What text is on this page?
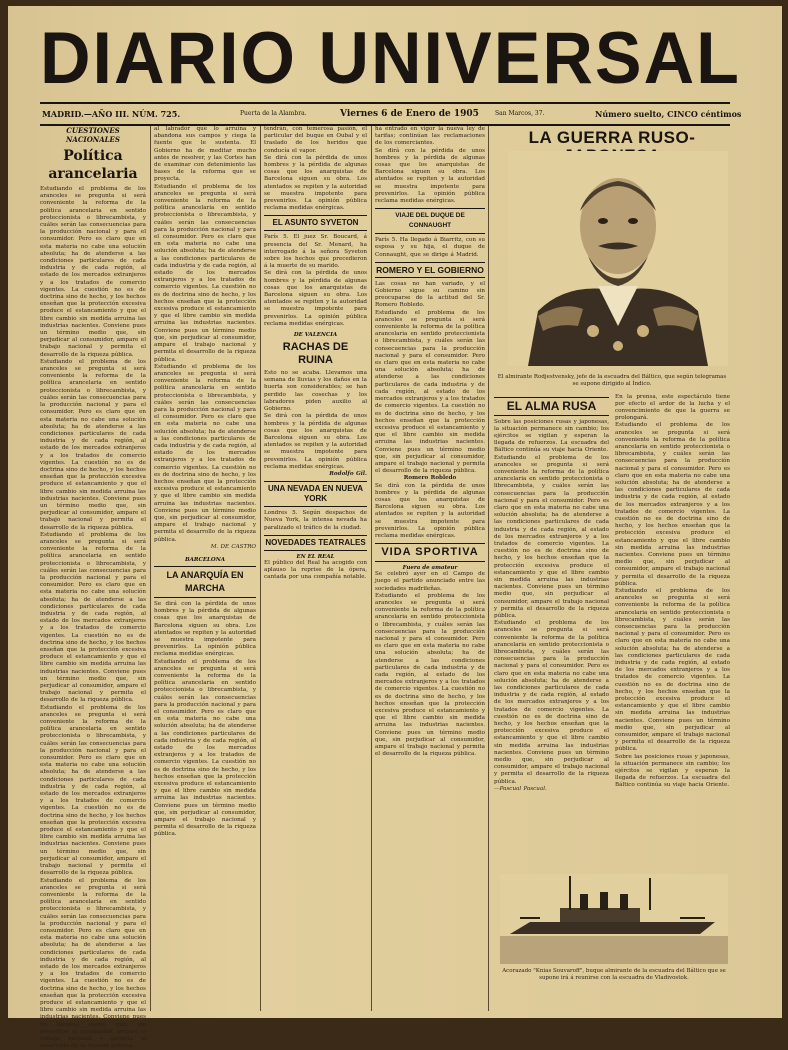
DIARIO UNIVERSAL
MADRID.—AÑO III. NÚM. 725.	Puerta de la Alambra.	Viernes 6 de Enero de 1905	San Marcos, 37.	Número suelto, CINCO céntimos

CUESTIONES NACIONALES

Política arancelaria

Estudiando el problema de los aranceles se pregunta si será conveniente la reforma de la política arancelaria en sentido proteccionista o librecambista, y cuáles serán las consecuencias para la producción nacional y para el consumidor. Pero es claro que en esta materia no cabe una solución absoluta; ha de atenderse a las condiciones particulares de cada industria y de cada región, al estado de los mercados extranjeros y a los tratados de comercio vigentes. La cuestión no es de doctrina sino de hecho, y los hechos enseñan que la protección excesiva produce el estancamiento y que el libre cambio sin medida arruina las industrias nacientes. Conviene pues un término medio que, sin perjudicar al consumidor, ampare el trabajo nacional y permita el desarrollo de la riqueza pública.

Estudiando el problema de los aranceles se pregunta si será conveniente la reforma de la política arancelaria en sentido proteccionista o librecambista, y cuáles serán las consecuencias para la producción nacional y para el consumidor. Pero es claro que en esta materia no cabe una solución absoluta; ha de atenderse a las condiciones particulares de cada industria y de cada región, al estado de los mercados extranjeros y a los tratados de comercio vigentes. La cuestión no es de doctrina sino de hecho, y los hechos enseñan que la protección excesiva produce el estancamiento y que el libre cambio sin medida arruina las industrias nacientes. Conviene pues un término medio que, sin perjudicar al consumidor, ampare el trabajo nacional y permita el desarrollo de la riqueza pública.

Estudiando el problema de los aranceles se pregunta si será conveniente la reforma de la política arancelaria en sentido proteccionista o librecambista, y cuáles serán las consecuencias para la producción nacional y para el consumidor. Pero es claro que en esta materia no cabe una solución absoluta; ha de atenderse a las condiciones particulares de cada industria y de cada región, al estado de los mercados extranjeros y a los tratados de comercio vigentes. La cuestión no es de doctrina sino de hecho, y los hechos enseñan que la protección excesiva produce el estancamiento y que el libre cambio sin medida arruina las industrias nacientes. Conviene pues un término medio que, sin perjudicar al consumidor, ampare el trabajo nacional y permita el desarrollo de la riqueza pública.

Estudiando el problema de los aranceles se pregunta si será conveniente la reforma de la política arancelaria en sentido proteccionista o librecambista, y cuáles serán las consecuencias para la producción nacional y para el consumidor. Pero es claro que en esta materia no cabe una solución absoluta; ha de atenderse a las condiciones particulares de cada industria y de cada región, al estado de los mercados extranjeros y a los tratados de comercio vigentes. La cuestión no es de doctrina sino de hecho, y los hechos enseñan que la protección excesiva produce el estancamiento y que el libre cambio sin medida arruina las industrias nacientes. Conviene pues un término medio que, sin perjudicar al consumidor, ampare el trabajo nacional y permita el desarrollo de la riqueza pública.

Estudiando el problema de los aranceles se pregunta si será conveniente la reforma de la política arancelaria en sentido proteccionista o librecambista, y cuáles serán las consecuencias para la producción nacional y para el consumidor. Pero es claro que en esta materia no cabe una solución absoluta; ha de atenderse a las condiciones particulares de cada industria y de cada región, al estado de los mercados extranjeros y a los tratados de comercio vigentes. La cuestión no es de doctrina sino de hecho, y los hechos enseñan que la protección excesiva produce el estancamiento y que el libre cambio sin medida arruina las industrias nacientes. Conviene pues un término medio que, sin perjudicar al consumidor, ampare el trabajo nacional y permita el desarrollo de la riqueza pública.

al labrador que lo arruina y abandona sus campos y ciega la fuente que le sustenta. El Gobierno ha de meditar mucho antes de resolver, y las Cortes han de examinar con detenimiento las bases de la reforma que se proyecta.

Estudiando el problema de los aranceles se pregunta si será conveniente la reforma de la política arancelaria en sentido proteccionista o librecambista, y cuáles serán las consecuencias para la producción nacional y para el consumidor. Pero es claro que en esta materia no cabe una solución absoluta; ha de atenderse a las condiciones particulares de cada industria y de cada región, al estado de los mercados extranjeros y a los tratados de comercio vigentes. La cuestión no es de doctrina sino de hecho, y los hechos enseñan que la protección excesiva produce el estancamiento y que el libre cambio sin medida arruina las industrias nacientes. Conviene pues un término medio que, sin perjudicar al consumidor, ampare el trabajo nacional y permita el desarrollo de la riqueza pública.

Estudiando el problema de los aranceles se pregunta si será conveniente la reforma de la política arancelaria en sentido proteccionista o librecambista, y cuáles serán las consecuencias para la producción nacional y para el consumidor. Pero es claro que en esta materia no cabe una solución absoluta; ha de atenderse a las condiciones particulares de cada industria y de cada región, al estado de los mercados extranjeros y a los tratados de comercio vigentes. La cuestión no es de doctrina sino de hecho, y los hechos enseñan que la protección excesiva produce el estancamiento y que el libre cambio sin medida arruina las industrias nacientes. Conviene pues un término medio que, sin perjudicar al consumidor, ampare el trabajo nacional y permita el desarrollo de la riqueza pública.

M. DE CASTRO

BARCELONA

LA ANARQUÍA EN MARCHA

Se dirá con la pérdida de unos hombres y la pérdida de algunas cosas que los anarquistas de Barcelona siguen su obra. Los atentados se repiten y la autoridad se muestra impotente para prevenirlos. La opinión pública reclama medidas enérgicas.

Estudiando el problema de los aranceles se pregunta si será conveniente la reforma de la política arancelaria en sentido proteccionista o librecambista, y cuáles serán las consecuencias para la producción nacional y para el consumidor. Pero es claro que en esta materia no cabe una solución absoluta; ha de atenderse a las condiciones particulares de cada industria y de cada región, al estado de los mercados extranjeros y a los tratados de comercio vigentes. La cuestión no es de doctrina sino de hecho, y los hechos enseñan que la protección excesiva produce el estancamiento y que el libre cambio sin medida arruina las industrias nacientes. Conviene pues un término medio que, sin perjudicar al consumidor, ampare el trabajo nacional y permita el desarrollo de la riqueza pública.

tendrán, con temerosa pasión, el particular del buque en Oubal y el traslado de los heridos que conducía el vapor.

Se dirá con la pérdida de unos hombres y la pérdida de algunas cosas que los anarquistas de Barcelona siguen su obra. Los atentados se repiten y la autoridad se muestra impotente para prevenirlos. La opinión pública reclama medidas enérgicas.

EL ASUNTO SYVETON

París 5. El juez Sr. Boucard, á presencia del Sr. Menard, ha interrogado á la señora Syveton sobre los hechos que precedieron á la muerte de su marido.

Se dirá con la pérdida de unos hombres y la pérdida de algunas cosas que los anarquistas de Barcelona siguen su obra. Los atentados se repiten y la autoridad se muestra impotente para prevenirlos. La opinión pública reclama medidas enérgicas.

DE VALENCIA

RACHAS DE RUINA

Esto no se acaba. Llevamos una semana de lluvias y los daños en la huerta son considerables; se han perdido las cosechas y los labradores piden auxilio al Gobierno.

Se dirá con la pérdida de unos hombres y la pérdida de algunas cosas que los anarquistas de Barcelona siguen su obra. Los atentados se repiten y la autoridad se muestra impotente para prevenirlos. La opinión pública reclama medidas enérgicas.

Rodolfo Gil.

UNA NEVADA EN NUEVA YORK

Londres 5. Según despachos de Nueva York, la intensa nevada ha paralizado el tráfico de la ciudad.

NOVEDADES TEATRALES

EN EL REAL

El público del Real ha acogido con aplauso la reprise de la ópera, cantada por una compañía notable.

ha entrado en vigor la nueva ley de tarifas; continúan las reclamaciones de los comerciantes.

Se dirá con la pérdida de unos hombres y la pérdida de algunas cosas que los anarquistas de Barcelona siguen su obra. Los atentados se repiten y la autoridad se muestra impotente para prevenirlos. La opinión pública reclama medidas enérgicas.

VIAJE DEL DUQUE DE CONNAUGHT

París 5. Ha llegado á Biarritz, con su esposa y su hija, el duque de Connaught, que se dirige á Madrid.

ROMERO Y EL GOBIERNO

Las cosas no han variado, y el Gobierno sigue su camino sin preocuparse de la actitud del Sr. Romero Robledo.

Estudiando el problema de los aranceles se pregunta si será conveniente la reforma de la política arancelaria en sentido proteccionista o librecambista, y cuáles serán las consecuencias para la producción nacional y para el consumidor. Pero es claro que en esta materia no cabe una solución absoluta; ha de atenderse a las condiciones particulares de cada industria y de cada región, al estado de los mercados extranjeros y a los tratados de comercio vigentes. La cuestión no es de doctrina sino de hecho, y los hechos enseñan que la protección excesiva produce el estancamiento y que el libre cambio sin medida arruina las industrias nacientes. Conviene pues un término medio que, sin perjudicar al consumidor, ampare el trabajo nacional y permita el desarrollo de la riqueza pública.

Romero Robledo

Se dirá con la pérdida de unos hombres y la pérdida de algunas cosas que los anarquistas de Barcelona siguen su obra. Los atentados se repiten y la autoridad se muestra impotente para prevenirlos. La opinión pública reclama medidas enérgicas.

VIDA SPORTIVA

Fuera de amateur

Se celebró ayer en el Campo de juego el partido anunciado entre las sociedades madrileñas.

Estudiando el problema de los aranceles se pregunta si será conveniente la reforma de la política arancelaria en sentido proteccionista o librecambista, y cuáles serán las consecuencias para la producción nacional y para el consumidor. Pero es claro que en esta materia no cabe una solución absoluta; ha de atenderse a las condiciones particulares de cada industria y de cada región, al estado de los mercados extranjeros y a los tratados de comercio vigentes. La cuestión no es de doctrina sino de hecho, y los hechos enseñan que la protección excesiva produce el estancamiento y que el libre cambio sin medida arruina las industrias nacientes. Conviene pues un término medio que, sin perjudicar al consumidor, ampare el trabajo nacional y permita el desarrollo de la riqueza pública.

LA GUERRA RUSO-

El almirante Rodjestvensky, jefe de la escuadra del Báltico, que según telegramas se supone dirigido al Índico.

EL ALMA RUSA

Sobre las posiciones rusas y japonesas, la situación permanece sin cambio; los ejércitos se vigilan y esperan la llegada de refuerzos. La escuadra del Báltico continúa su viaje hacia Oriente.

Estudiando el problema de los aranceles se pregunta si será conveniente la reforma de la política arancelaria en sentido proteccionista o librecambista, y cuáles serán las consecuencias para la producción nacional y para el consumidor. Pero es claro que en esta materia no cabe una solución absoluta; ha de atenderse a las condiciones particulares de cada industria y de cada región, al estado de los mercados extranjeros y a los tratados de comercio vigentes. La cuestión no es de doctrina sino de hecho, y los hechos enseñan que la protección excesiva produce el estancamiento y que el libre cambio sin medida arruina las industrias nacientes. Conviene pues un término medio que, sin perjudicar al consumidor, ampare el trabajo nacional y permita el desarrollo de la riqueza pública.

Estudiando el problema de los aranceles se pregunta si será conveniente la reforma de la política arancelaria en sentido proteccionista o librecambista, y cuáles serán las consecuencias para la producción nacional y para el consumidor. Pero es claro que en esta materia no cabe una solución absoluta; ha de atenderse a las condiciones particulares de cada industria y de cada región, al estado de los mercados extranjeros y a los tratados de comercio vigentes. La cuestión no es de doctrina sino de hecho, y los hechos enseñan que la protección excesiva produce el estancamiento y que el libre cambio sin medida arruina las industrias nacientes. Conviene pues un término medio que, sin perjudicar al consumidor, ampare el trabajo nacional y permita el desarrollo de la riqueza pública.

—Pascual Pascual.

En la prensa, este espectáculo tiene por efecto el ardor de la lucha y el convencimiento de que la guerra se prolongará.

Estudiando el problema de los aranceles se pregunta si será conveniente la reforma de la política arancelaria en sentido proteccionista o librecambista, y cuáles serán las consecuencias para la producción nacional y para el consumidor. Pero es claro que en esta materia no cabe una solución absoluta; ha de atenderse a las condiciones particulares de cada industria y de cada región, al estado de los mercados extranjeros y a los tratados de comercio vigentes. La cuestión no es de doctrina sino de hecho, y los hechos enseñan que la protección excesiva produce el estancamiento y que el libre cambio sin medida arruina las industrias nacientes. Conviene pues un término medio que, sin perjudicar al consumidor, ampare el trabajo nacional y permita el desarrollo de la riqueza pública.

Estudiando el problema de los aranceles se pregunta si será conveniente la reforma de la política arancelaria en sentido proteccionista o librecambista, y cuáles serán las consecuencias para la producción nacional y para el consumidor. Pero es claro que en esta materia no cabe una solución absoluta; ha de atenderse a las condiciones particulares de cada industria y de cada región, al estado de los mercados extranjeros y a los tratados de comercio vigentes. La cuestión no es de doctrina sino de hecho, y los hechos enseñan que la protección excesiva produce el estancamiento y que el libre cambio sin medida arruina las industrias nacientes. Conviene pues un término medio que, sin perjudicar al consumidor, ampare el trabajo nacional y permita el desarrollo de la riqueza pública.

Sobre las posiciones rusas y japonesas, la situación permanece sin cambio; los ejércitos se vigilan y esperan la llegada de refuerzos. La escuadra del Báltico continúa su viaje hacia Oriente.

Acorazado "Knias Souvaroff", buque almirante de la escuadra del Báltico que se supone irá á reunirse con la escuadra de Vladivostok.
